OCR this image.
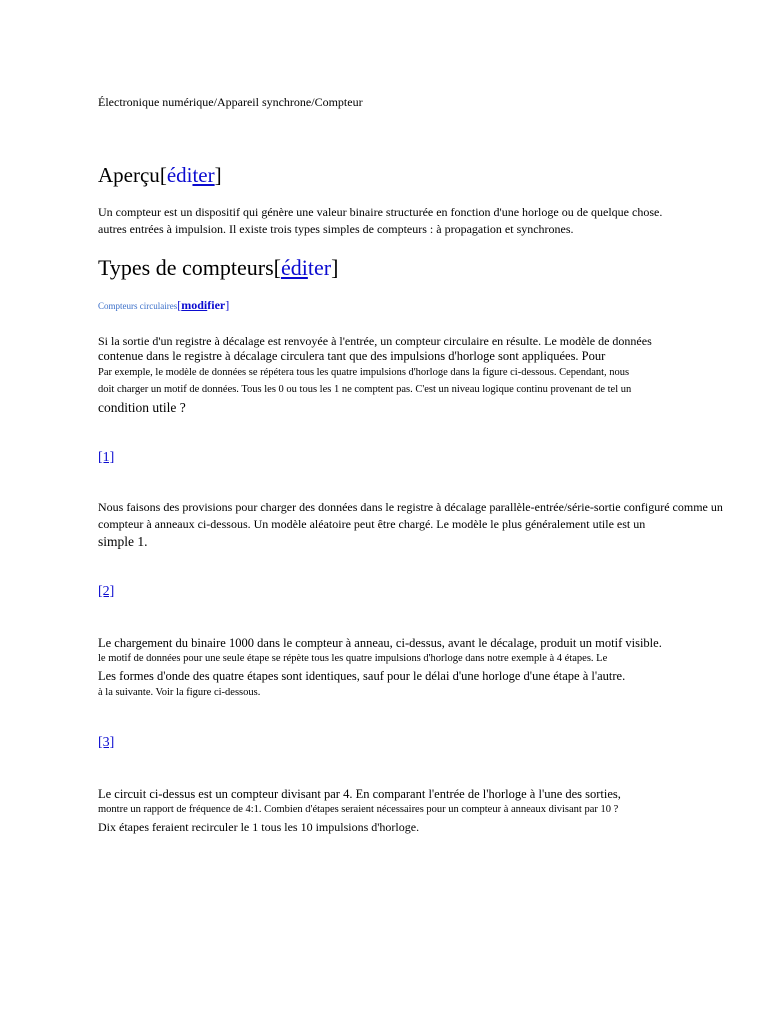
Électronique numérique/Appareil synchrone/Compteur
Aperçu[éditer]

Un compteur est un dispositif qui génère une valeur binaire structurée en fonction d'une horloge ou de quelque chose.

autres entrées à impulsion. Il existe trois types simples de compteurs : à propagation et synchrones.

Types de compteurs[éditer]
Compteurs circulaires[modifier]

Si la sortie d'un registre à décalage est renvoyée à l'entrée, un compteur circulaire en résulte. Le modèle de données

contenue dans le registre à décalage circulera tant que des impulsions d'horloge sont appliquées. Pour

Par exemple, le modèle de données se répétera tous les quatre impulsions d'horloge dans la figure ci-dessous. Cependant, nous

doit charger un motif de données. Tous les 0 ou tous les 1 ne comptent pas. C'est un niveau logique continu provenant de tel un

condition utile ?

[1]

Nous faisons des provisions pour charger des données dans le registre à décalage parallèle-entrée/série-sortie configuré comme un

compteur à anneaux ci-dessous. Un modèle aléatoire peut être chargé. Le modèle le plus généralement utile est un

simple 1.

[2]

Le chargement du binaire 1000 dans le compteur à anneau, ci-dessus, avant le décalage, produit un motif visible.

le motif de données pour une seule étape se répète tous les quatre impulsions d'horloge dans notre exemple à 4 étapes. Le

Les formes d'onde des quatre étapes sont identiques, sauf pour le délai d'une horloge d'une étape à l'autre.

à la suivante. Voir la figure ci-dessous.

[3]

Le circuit ci-dessus est un compteur divisant par 4. En comparant l'entrée de l'horloge à l'une des sorties,

montre un rapport de fréquence de 4:1. Combien d'étapes seraient nécessaires pour un compteur à anneaux divisant par 10 ?

Dix étapes feraient recirculer le 1 tous les 10 impulsions d'horloge.
